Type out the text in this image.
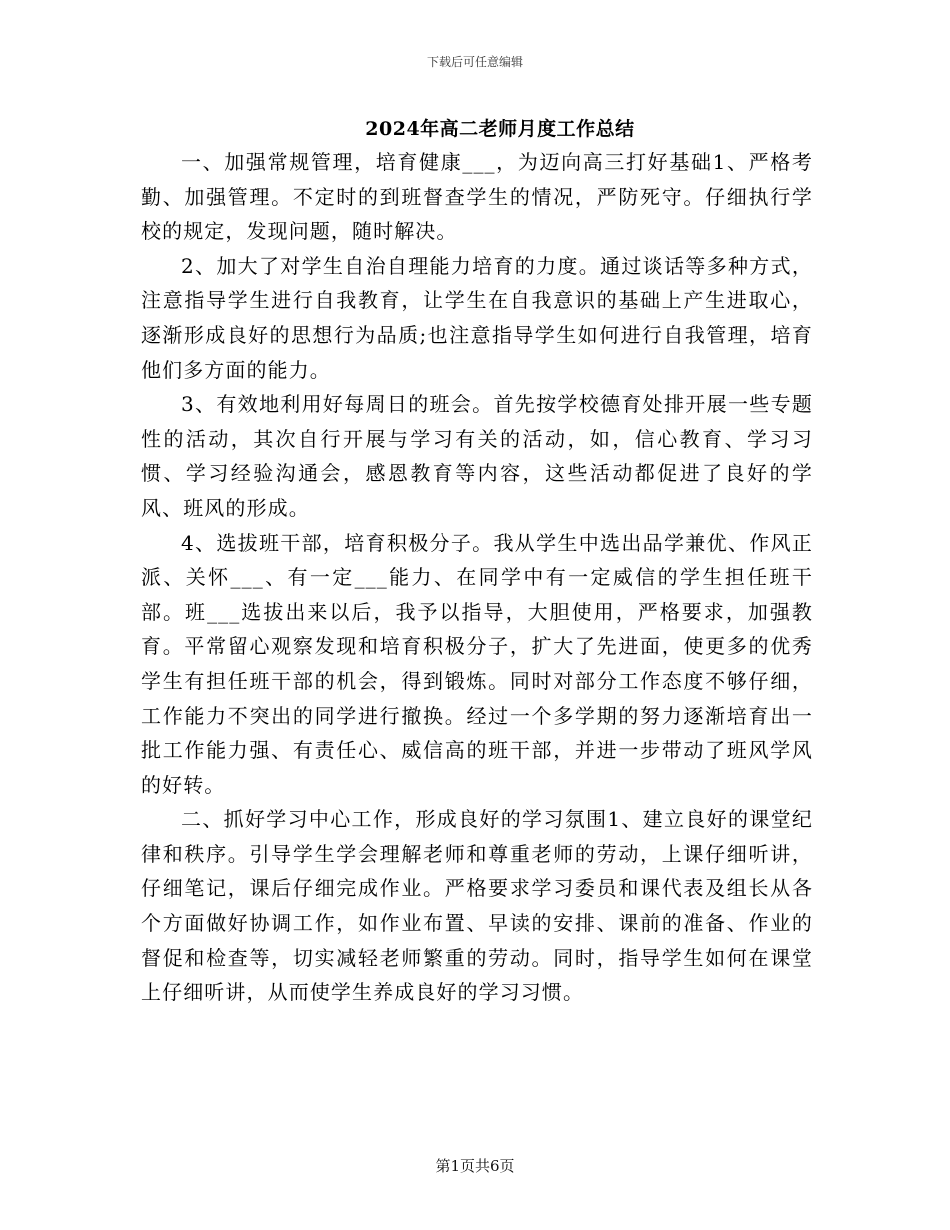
下载后可任意编辑
2024年高二老师月度工作总结

一、加强常规管理，培育健康___，为迈向高三打好基础1、严格考勤、加强管理。不定时的到班督查学生的情况，严防死守。仔细执行学校的规定，发现问题，随时解决。

2、加大了对学生自治自理能力培育的力度。通过谈话等多种方式，注意指导学生进行自我教育，让学生在自我意识的基础上产生进取心，逐渐形成良好的思想行为品质;也注意指导学生如何进行自我管理，培育他们多方面的能力。

3、有效地利用好每周日的班会。首先按学校德育处排开展一些专题性的活动，其次自行开展与学习有关的活动，如，信心教育、学习习惯、学习经验沟通会，感恩教育等内容，这些活动都促进了良好的学风、班风的形成。

4、选拔班干部，培育积极分子。我从学生中选出品学兼优、作风正派、关怀___、有一定___能力、在同学中有一定威信的学生担任班干部。班___选拔出来以后，我予以指导，大胆使用，严格要求，加强教育。平常留心观察发现和培育积极分子，扩大了先进面，使更多的优秀学生有担任班干部的机会，得到锻炼。同时对部分工作态度不够仔细，工作能力不突出的同学进行撤换。经过一个多学期的努力逐渐培育出一批工作能力强、有责任心、威信高的班干部，并进一步带动了班风学风的好转。

二、抓好学习中心工作，形成良好的学习氛围1、建立良好的课堂纪律和秩序。引导学生学会理解老师和尊重老师的劳动，上课仔细听讲，仔细笔记，课后仔细完成作业。严格要求学习委员和课代表及组长从各个方面做好协调工作，如作业布置、早读的安排、课前的准备、作业的督促和检查等，切实减轻老师繁重的劳动。同时，指导学生如何在课堂上仔细听讲，从而使学生养成良好的学习习惯。

第1页共6页
